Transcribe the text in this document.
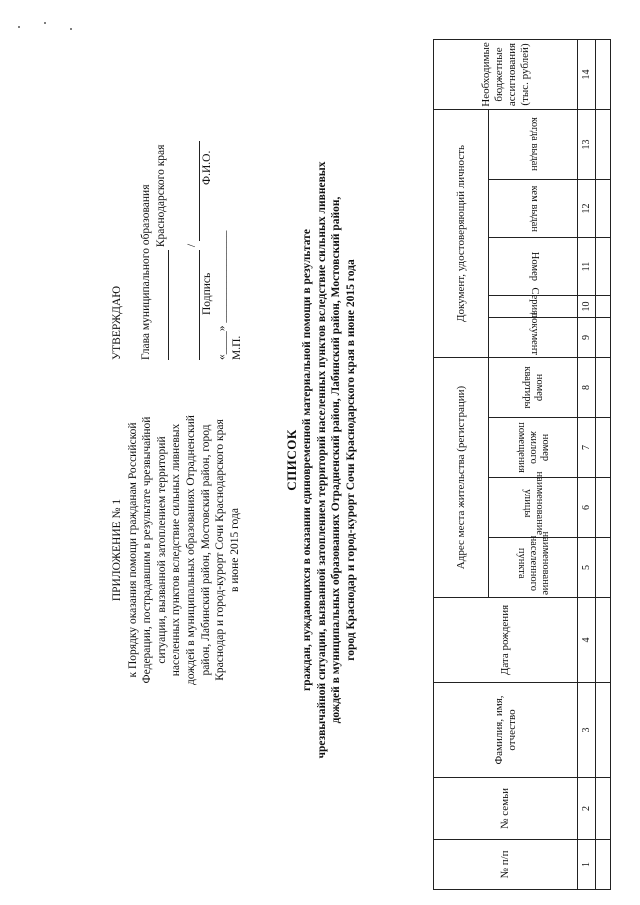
ПРИЛОЖЕНИЕ № 1 к Порядку оказания помощи гражданам Российской Федерации, пострадавшим в результате чрезвычайной ситуации, вызванной затоплением территорий населенных пунктов вследствие сильных ливневых дождей в муниципальных образованиях Отрадненский район, Лабинский район, Мостовский район, город Краснодар и город-курорт Сочи Краснодарского края в июне 2015 года
УТВЕРЖДАЮ Глава муниципального образования Краснодарского края /
Подпись
Ф.И.О.
«____» ________________ М.П.
СПИСОК граждан, нуждающихся в оказании единовременной материальной помощи в результате чрезвычайной ситуации, вызванной затоплением территорий населенных пунктов вследствие сильных ливневых дождей в муниципальных образованиях Отрадненский район, Лабинский район, Мостовский район, город Краснодар и город-курорт Сочи Краснодарского края в июне 2015 года
№ п/п	№ семьи	Фамилия, имя, отчество	Дата рождения	Адрес места жительства (регистрации)				Документ, удостоверяющий личность					Необходимые бюджетные ассигнования (тыс. рублей)
				наименование населенного пункта	наименование улицы	номер жилого помещения	номер квартиры	документ	Серия	Номер	кем выдан	когда выдан	
1	2	3	4	5	6	7	8	9	10	11	12	13	14
